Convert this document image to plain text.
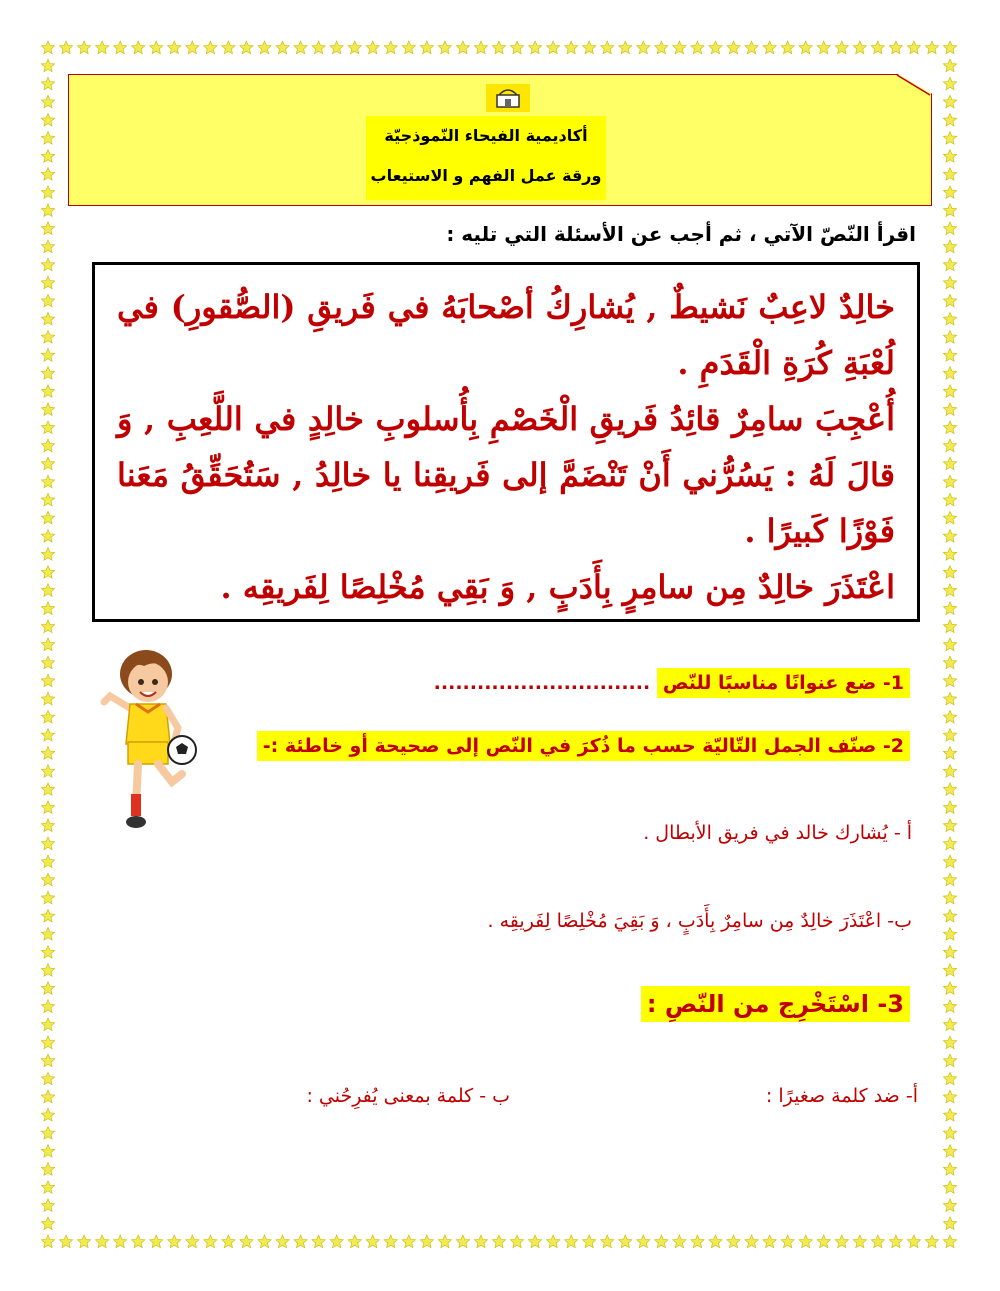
أكاديمية الفيحاء النّموذجيّة
ورقة عمل الفهم و الاستيعاب
اقرأ النّصّ الآتي ، ثم أجب عن الأسئلة التي تليه :

خالِدٌ لاعِبٌ نَشيطٌ , يُشارِكُ أصْحابَهُ في فَريقِ (الصُّقورِ) في لُعْبَةِ كُرَةِ الْقَدَمِ .

أُعْجِبَ سامِرٌ قائِدُ فَريقِ الْخَصْمِ بِأُسلوبِ خالِدٍ في اللَّعِبِ , وَ قالَ لَهُ : يَسُرُّني أَنْ تَنْضَمَّ إلى فَريقِنا يا خالِدُ , سَتُحَقِّقُ مَعَنا فَوْزًا كَبيرًا .

اعْتَذَرَ خالِدٌ مِن سامِرٍ بِأَدَبٍ , وَ بَقِي مُخْلِصًا لِفَريقِه .

1- ضع عنوانًا مناسبًا للنّص ..............................
2- صنّف الجمل التّاليّة حسب ما ذُكرَ في النّص إلى صحيحة أو خاطئة :-
أ - يُشارك خالد في فريق الأبطال .
ب- اعْتَذَرَ خالِدٌ مِن سامِرٌ بِأَدَبٍ ، وَ بَقِيَ مُخْلِصًا لِفَريقِه .
3- اسْتَخْرِج من النّصِ :
أ- ضد كلمة صغيرًا :
ب - كلمة بمعنى يُفرِحُني :
